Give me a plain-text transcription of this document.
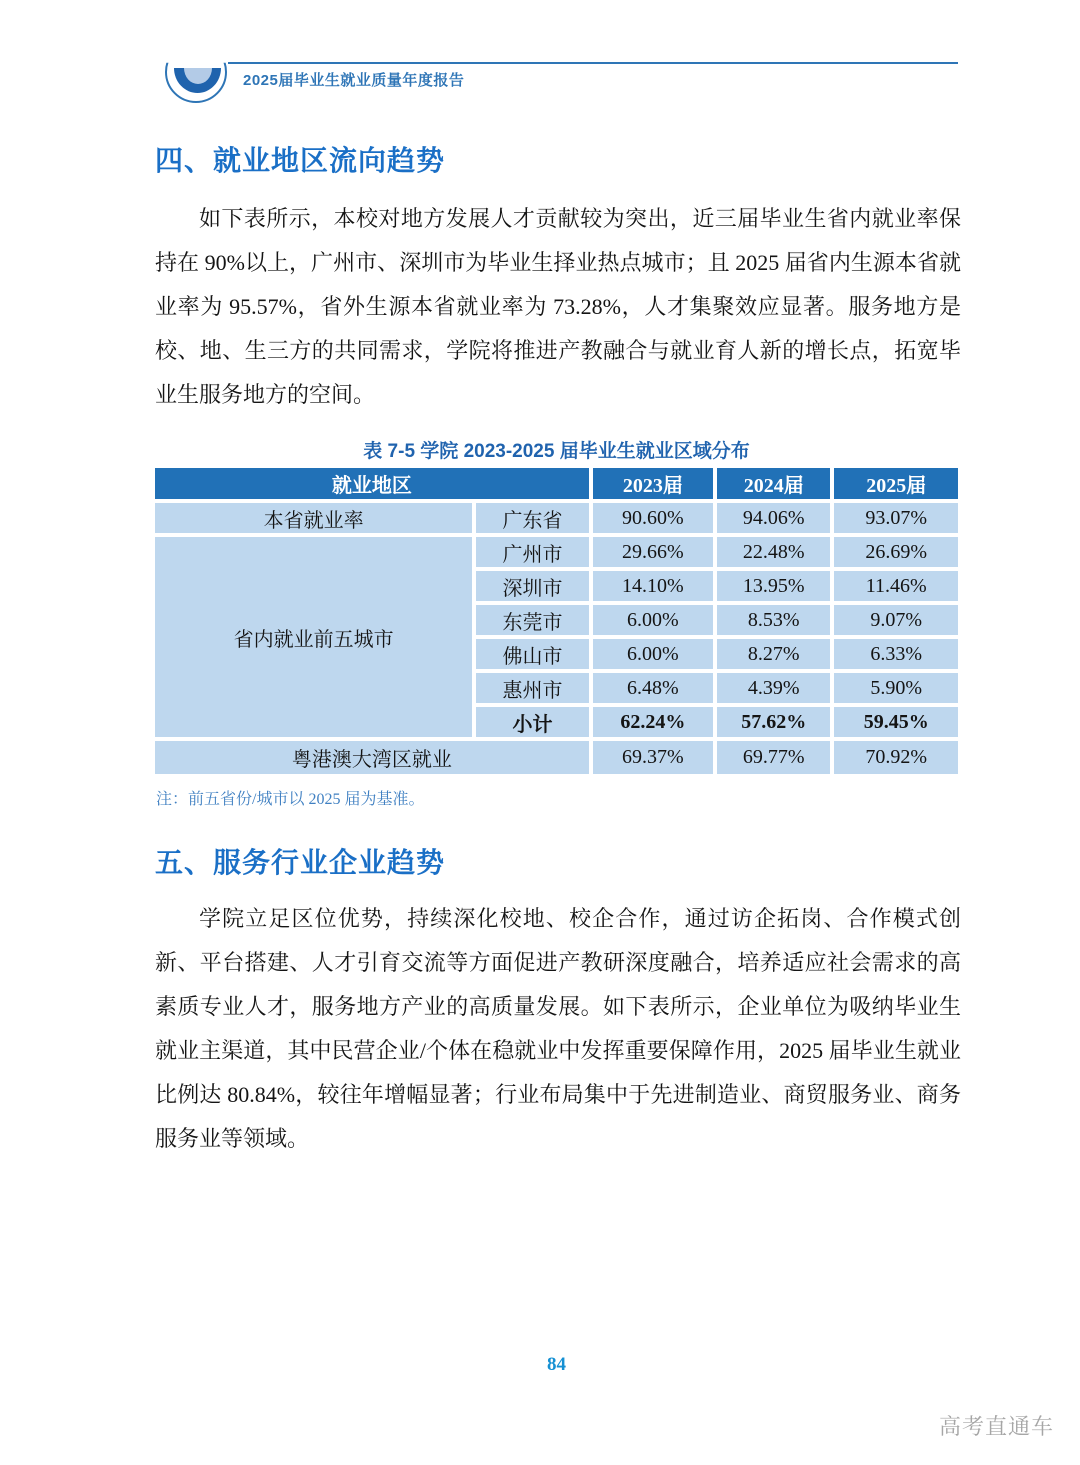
2025届毕业生就业质量年度报告
四、就业地区流向趋势

如下表所示，本校对地方发展人才贡献较为突出，近三届毕业生省内就业率保持在 90%以上，广州市、深圳市为毕业生择业热点城市；且 2025 届省内生源本省就业率为 95.57%，省外生源本省就业率为 73.28%，人才集聚效应显著。服务地方是校、地、生三方的共同需求，学院将推进产教融合与就业育人新的增长点，拓宽毕业生服务地方的空间。

表 7-5 学院 2023-2025 届毕业生就业区域分布
就业地区		2023届	2024届	2025届
本省就业率	广东省	90.60%	94.06%	93.07%
省内就业前五城市	广州市	29.66%	22.48%	26.69%
	深圳市	14.10%	13.95%	11.46%
	东莞市	6.00%	8.53%	9.07%
	佛山市	6.00%	8.27%	6.33%
	惠州市	6.48%	4.39%	5.90%
	小计	62.24%	57.62%	59.45%
粤港澳大湾区就业		69.37%	69.77%	70.92%
注：前五省份/城市以 2025 届为基准。
五、服务行业企业趋势

学院立足区位优势，持续深化校地、校企合作，通过访企拓岗、合作模式创新、平台搭建、人才引育交流等方面促进产教研深度融合，培养适应社会需求的高素质专业人才，服务地方产业的高质量发展。如下表所示，企业单位为吸纳毕业生就业主渠道，其中民营企业/个体在稳就业中发挥重要保障作用，2025 届毕业生就业比例达 80.84%，较往年增幅显著；行业布局集中于先进制造业、商贸服务业、商务服务业等领域。

84
高考直通车
